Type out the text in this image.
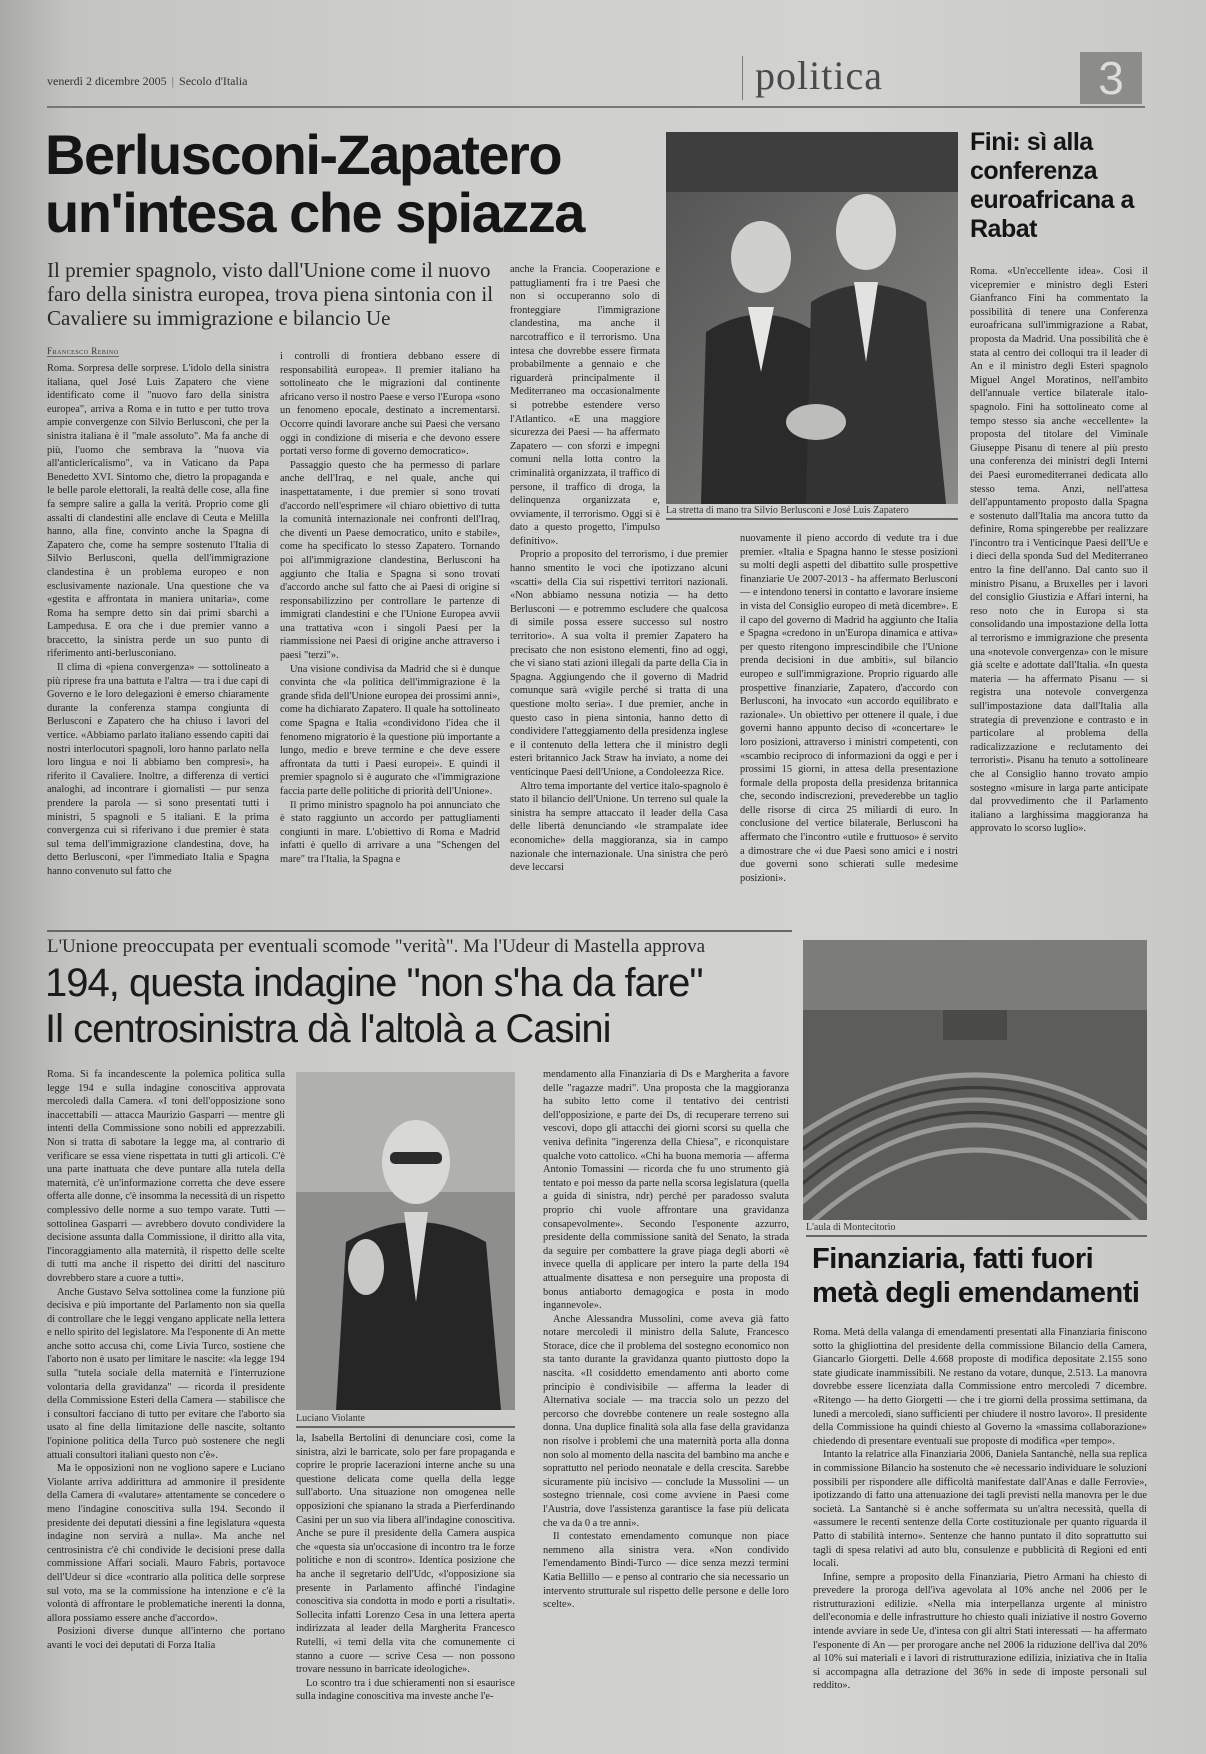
venerdì 2 dicembre 2005 | Secolo d'Italia	politica	3
Berlusconi-Zapatero
un'intesa che spiazza
Il premier spagnolo, visto dall'Unione come il nuovo faro della sinistra europea, trova piena sintonia con il Cavaliere su immigrazione e bilancio Ue
Francesco Rebino

Roma. Sorpresa delle sorprese. L'idolo della sinistra italiana, quel José Luis Zapatero che viene identificato come il "nuovo faro della sinistra europea", arriva a Roma e in tutto e per tutto trova ampie convergenze con Silvio Berlusconi, che per la sinistra italiana è il "male assoluto". Ma fa anche di più, l'uomo che sembrava la "nuova via all'anticlericalismo", va in Vaticano da Papa Benedetto XVI. Sintomo che, dietro la propaganda e le belle parole elettorali, la realtà delle cose, alla fine fa sempre salire a galla la verità. Proprio come gli assalti di clandestini alle enclave di Ceuta e Melilla hanno, alla fine, convinto anche la Spagna di Zapatero che, come ha sempre sostenuto l'Italia di Silvio Berlusconi, quella dell'immigrazione clandestina è un problema europeo e non esclusivamente nazionale. Una questione che va «gestita e affrontata in maniera unitaria», come Roma ha sempre detto sin dai primi sbarchi a Lampedusa. E ora che i due premier vanno a braccetto, la sinistra perde un suo punto di riferimento anti-berlusconiano.

Il clima di «piena convergenza» — sottolineato a più riprese fra una battuta e l'altra — tra i due capi di Governo e le loro delegazioni è emerso chiaramente durante la conferenza stampa congiunta di Berlusconi e Zapatero che ha chiuso i lavori del vertice. «Abbiamo parlato italiano essendo capiti dai nostri interlocutori spagnoli, loro hanno parlato nella loro lingua e noi li abbiamo ben compresi», ha riferito il Cavaliere. Inoltre, a differenza di vertici analoghi, ad incontrare i giornalisti — pur senza prendere la parola — si sono presentati tutti i ministri, 5 spagnoli e 5 italiani. E la prima convergenza cui si riferivano i due premier è stata sul tema dell'immigrazione clandestina, dove, ha detto Berlusconi, «per l'immediato Italia e Spagna hanno convenuto sul fatto che

i controlli di frontiera debbano essere di responsabilità europea». Il premier italiano ha sottolineato che le migrazioni dal continente africano verso il nostro Paese e verso l'Europa «sono un fenomeno epocale, destinato a incrementarsi. Occorre quindi lavorare anche sui Paesi che versano oggi in condizione di miseria e che devono essere portati verso forme di governo democratico».

Passaggio questo che ha permesso di parlare anche dell'Iraq, e nel quale, anche qui inaspettatamente, i due premier si sono trovati d'accordo nell'esprimere «il chiaro obiettivo di tutta la comunità internazionale nei confronti dell'Iraq, che diventi un Paese democratico, unito e stabile», come ha specificato lo stesso Zapatero. Tornando poi all'immigrazione clandestina, Berlusconi ha aggiunto che Italia e Spagna si sono trovati d'accordo anche sul fatto che ai Paesi di origine si responsabilizzino per controllare le partenze di immigrati clandestini e che l'Unione Europea avvii una trattativa «con i singoli Paesi per la riammissione nei Paesi di origine anche attraverso i paesi "terzi"».

Una visione condivisa da Madrid che si è dunque convinta che «la politica dell'immigrazione è la grande sfida dell'Unione europea dei prossimi anni», come ha dichiarato Zapatero. Il quale ha sottolineato come Spagna e Italia «condividono l'idea che il fenomeno migratorio è la questione più importante a lungo, medio e breve termine e che deve essere affrontata da tutti i Paesi europei». E quindi il premier spagnolo si è augurato che «l'immigrazione faccia parte delle politiche di priorità dell'Unione».

Il primo ministro spagnolo ha poi annunciato che è stato raggiunto un accordo per pattugliamenti congiunti in mare. L'obiettivo di Roma e Madrid infatti è quello di arrivare a una "Schengen del mare" tra l'Italia, la Spagna e

anche la Francia. Cooperazione e pattugliamenti fra i tre Paesi che non si occuperanno solo di fronteggiare l'immigrazione clandestina, ma anche il narcotraffico e il terrorismo. Una intesa che dovrebbe essere firmata probabilmente a gennaio e che riguarderà principalmente il Mediterraneo ma occasionalmente si potrebbe estendere verso l'Atlantico. «E una maggiore sicurezza dei Paesi — ha affermato Zapatero — con sforzi e impegni comuni nella lotta contro la criminalità organizzata, il traffico di persone, il traffico di droga, la delinquenza organizzata e, ovviamente, il terrorismo. Oggi si è dato a questo progetto, l'impulso definitivo».

Proprio a proposito del terrorismo, i due premier hanno smentito le voci che ipotizzano alcuni «scatti» della Cia sui rispettivi territori nazionali. «Non abbiamo nessuna notizia — ha detto Berlusconi — e potremmo escludere che qualcosa di simile possa essere successo sul nostro territorio». A sua volta il premier Zapatero ha precisato che non esistono elementi, fino ad oggi, che vi siano stati azioni illegali da parte della Cia in Spagna. Aggiungendo che il governo di Madrid comunque sarà «vigile perché si tratta di una questione molto seria». I due premier, anche in questo caso in piena sintonia, hanno detto di condividere l'atteggiamento della presidenza inglese e il contenuto della lettera che il ministro degli esteri britannico Jack Straw ha inviato, a nome dei venticinque Paesi dell'Unione, a Condoleezza Rice.

Altro tema importante del vertice italo-spagnolo è stato il bilancio dell'Unione. Un terreno sul quale la sinistra ha sempre attaccato il leader della Casa delle libertà denunciando «le strampalate idee economiche» della maggioranza, sia in campo nazionale che internazionale. Una sinistra che però deve leccarsi

nuovamente il pieno accordo di vedute tra i due premier. «Italia e Spagna hanno le stesse posizioni su molti degli aspetti del dibattito sulle prospettive finanziarie Ue 2007-2013 - ha affermato Berlusconi — e intendono tenersi in contatto e lavorare insieme in vista del Consiglio europeo di metà dicembre». E il capo del governo di Madrid ha aggiunto che Italia e Spagna «credono in un'Europa dinamica e attiva» per questo ritengono imprescindibile che l'Unione prenda decisioni in due ambiti», sul bilancio europeo e sull'immigrazione. Proprio riguardo alle prospettive finanziarie, Zapatero, d'accordo con Berlusconi, ha invocato «un accordo equilibrato e razionale». Un obiettivo per ottenere il quale, i due governi hanno appunto deciso di «concertare» le loro posizioni, attraverso i ministri competenti, con «scambio reciproco di informazioni da oggi e per i prossimi 15 giorni, in attesa della presentazione formale della proposta della presidenza britannica che, secondo indiscrezioni, prevederebbe un taglio delle risorse di circa 25 miliardi di euro. In conclusione del vertice bilaterale, Berlusconi ha affermato che l'incontro «utile e fruttuoso» è servito a dimostrare che «i due Paesi sono amici e i nostri due governi sono schierati sulle medesime posizioni».

La stretta di mano tra Silvio Berlusconi e José Luis Zapatero
Fini: sì alla conferenza euroafricana a Rabat

Roma. «Un'eccellente idea». Così il vicepremier e ministro degli Esteri Gianfranco Fini ha commentato la possibilità di tenere una Conferenza euroafricana sull'immigrazione a Rabat, proposta da Madrid. Una possibilità che è stata al centro dei colloqui tra il leader di An e il ministro degli Esteri spagnolo Miguel Angel Moratinos, nell'ambito dell'annuale vertice bilaterale italo-spagnolo. Fini ha sottolineato come al tempo stesso sia anche «eccellente» la proposta del titolare del Viminale Giuseppe Pisanu di tenere al più presto una conferenza dei ministri degli Interni dei Paesi euromediterranei dedicata allo stesso tema. Anzi, nell'attesa dell'appuntamento proposto dalla Spagna e sostenuto dall'Italia ma ancora tutto da definire, Roma spingerebbe per realizzare l'incontro tra i Venticinque Paesi dell'Ue e i dieci della sponda Sud del Mediterraneo entro la fine dell'anno. Dal canto suo il ministro Pisanu, a Bruxelles per i lavori del consiglio Giustizia e Affari interni, ha reso noto che in Europa si sta consolidando una impostazione della lotta al terrorismo e immigrazione che presenta una «notevole convergenza» con le misure già scelte e adottate dall'Italia. «In questa materia — ha affermato Pisanu — si registra una notevole convergenza sull'impostazione data dall'Italia alla strategia di prevenzione e contrasto e in particolare al problema della radicalizzazione e reclutamento dei terroristi». Pisanu ha tenuto a sottolineare che al Consiglio hanno trovato ampio sostegno «misure in larga parte anticipate dal provvedimento che il Parlamento italiano a larghissima maggioranza ha approvato lo scorso luglio».

L'Unione preoccupata per eventuali scomode "verità". Ma l'Udeur di Mastella approva
194, questa indagine "non s'ha da fare"
Il centrosinistra dà l'altolà a Casini

Roma. Si fa incandescente la polemica politica sulla legge 194 e sulla indagine conoscitiva approvata mercoledì dalla Camera. «I toni dell'opposizione sono inaccettabili — attacca Maurizio Gasparri — mentre gli intenti della Commissione sono nobili ed apprezzabili. Non si tratta di sabotare la legge ma, al contrario di verificare se essa viene rispettata in tutti gli articoli. C'è una parte inattuata che deve puntare alla tutela della maternità, c'è un'informazione corretta che deve essere offerta alle donne, c'è insomma la necessità di un rispetto complessivo delle norme a suo tempo varate. Tutti — sottolinea Gasparri — avrebbero dovuto condividere la decisione assunta dalla Commissione, il diritto alla vita, l'incoraggiamento alla maternità, il rispetto delle scelte di tutti ma anche il rispetto dei diritti del nascituro dovrebbero stare a cuore a tutti».

Anche Gustavo Selva sottolinea come la funzione più decisiva e più importante del Parlamento non sia quella di controllare che le leggi vengano applicate nella lettera e nello spirito del legislatore. Ma l'esponente di An mette anche sotto accusa chi, come Livia Turco, sostiene che l'aborto non è usato per limitare le nascite: «la legge 194 sulla "tutela sociale della maternità e l'interruzione volontaria della gravidanza" — ricorda il presidente della Commissione Esteri della Camera — stabilisce che i consultori facciano di tutto per evitare che l'aborto sia usato al fine della limitazione delle nascite, soltanto l'opinione politica della Turco può sostenere che negli attuali consultori italiani questo non c'è».

Ma le opposizioni non ne vogliono sapere e Luciano Violante arriva addirittura ad ammonire il presidente della Camera di «valutare» attentamente se concedere o meno l'indagine conoscitiva sulla 194. Secondo il presidente dei deputati diessini a fine legislatura «questa indagine non servirà a nulla». Ma anche nel centrosinistra c'è chi condivide le decisioni prese dalla commissione Affari sociali. Mauro Fabris, portavoce dell'Udeur si dice «contrario alla politica delle sorprese sul voto, ma se la commissione ha intenzione e c'è la volontà di affrontare le problematiche inerenti la donna, allora possiamo essere anche d'accordo».

Posizioni diverse dunque all'interno che portano avanti le voci dei deputati di Forza Italia

Luciano Violante

la, Isabella Bertolini di denunciare così, come la sinistra, alzi le barricate, solo per fare propaganda e coprire le proprie lacerazioni interne anche su una questione delicata come quella della legge sull'aborto. Una situazione non omogenea nelle opposizioni che spianano la strada a Pierferdinando Casini per un suo via libera all'indagine conoscitiva. Anche se pure il presidente della Camera auspica che «questa sia un'occasione di incontro tra le forze politiche e non di scontro». Identica posizione che ha anche il segretario dell'Udc, «l'opposizione sia presente in Parlamento affinché l'indagine conoscitiva sia condotta in modo e porti a risultati». Sollecita infatti Lorenzo Cesa in una lettera aperta indirizzata al leader della Margherita Francesco Rutelli, «i temi della vita che comunemente ci stanno a cuore — scrive Cesa — non possono trovare nessuno in barricate ideologiche».

Lo scontro tra i due schieramenti non si esaurisce sulla indagine conoscitiva ma investe anche l'e-

mendamento alla Finanziaria di Ds e Margherita a favore delle "ragazze madri". Una proposta che la maggioranza ha subito letto come il tentativo dei centristi dell'opposizione, e parte dei Ds, di recuperare terreno sui vescovi, dopo gli attacchi dei giorni scorsi su quella che veniva definita "ingerenza della Chiesa", e riconquistare qualche voto cattolico. «Chi ha buona memoria — afferma Antonio Tomassini — ricorda che fu uno strumento già tentato e poi messo da parte nella scorsa legislatura (quella a guida di sinistra, ndr) perché per paradosso svaluta proprio chi vuole affrontare una gravidanza consapevolmente». Secondo l'esponente azzurro, presidente della commissione sanità del Senato, la strada da seguire per combattere la grave piaga degli aborti «è invece quella di applicare per intero la parte della 194 attualmente disattesa e non perseguire una proposta di bonus antiaborto demagogica e posta in modo ingannevole».

Anche Alessandra Mussolini, come aveva già fatto notare mercoledì il ministro della Salute, Francesco Storace, dice che il problema del sostegno economico non sta tanto durante la gravidanza quanto piuttosto dopo la nascita. «Il cosiddetto emendamento anti aborto come principio è condivisibile — afferma la leader di Alternativa sociale — ma traccia solo un pezzo del percorso che dovrebbe contenere un reale sostegno alla donna. Una duplice finalità sola alla fase della gravidanza non risolve i problemi che una maternità porta alla donna non solo al momento della nascita del bambino ma anche e soprattutto nel periodo neonatale e della crescita. Sarebbe sicuramente più incisivo — conclude la Mussolini — un sostegno triennale, così come avviene in Paesi come l'Austria, dove l'assistenza garantisce la fase più delicata che va da 0 a tre anni».

Il contestato emendamento comunque non piace nemmeno alla sinistra vera. «Non condivido l'emendamento Bindi-Turco — dice senza mezzi termini Katia Bellillo — e penso al contrario che sia necessario un intervento strutturale sul rispetto delle persone e delle loro scelte».

L'aula di Montecitorio
Finanziaria, fatti fuori metà degli emendamenti

Roma. Metà della valanga di emendamenti presentati alla Finanziaria finiscono sotto la ghigliottina del presidente della commissione Bilancio della Camera, Giancarlo Giorgetti. Delle 4.668 proposte di modifica depositate 2.155 sono state giudicate inammissibili. Ne restano da votare, dunque, 2.513. La manovra dovrebbe essere licenziata dalla Commissione entro mercoledì 7 dicembre. «Ritengo — ha detto Giorgetti — che i tre giorni della prossima settimana, da lunedì a mercoledì, siano sufficienti per chiudere il nostro lavoro». Il presidente della Commissione ha quindi chiesto al Governo la «massima collaborazione» chiedendo di presentare eventuali sue proposte di modifica «per tempo».

Intanto la relatrice alla Finanziaria 2006, Daniela Santanchè, nella sua replica in commissione Bilancio ha sostenuto che «è necessario individuare le soluzioni possibili per rispondere alle difficoltà manifestate dall'Anas e dalle Ferrovie», ipotizzando di fatto una attenuazione dei tagli previsti nella manovra per le due società. La Santanchè si è anche soffermata su un'altra necessità, quella di «assumere le recenti sentenze della Corte costituzionale per quanto riguarda il Patto di stabilità interno». Sentenze che hanno puntato il dito soprattutto sui tagli di spesa relativi ad auto blu, consulenze e pubblicità di Regioni ed enti locali.

Infine, sempre a proposito della Finanziaria, Pietro Armani ha chiesto di prevedere la proroga dell'iva agevolata al 10% anche nel 2006 per le ristrutturazioni edilizie. «Nella mia interpellanza urgente al ministro dell'economia e delle infrastrutture ho chiesto quali iniziative il nostro Governo intende avviare in sede Ue, d'intesa con gli altri Stati interessati — ha affermato l'esponente di An — per prorogare anche nel 2006 la riduzione dell'iva dal 20% al 10% sui materiali e i lavori di ristrutturazione edilizia, iniziativa che in Italia si accompagna alla detrazione del 36% in sede di imposte personali sul reddito».
